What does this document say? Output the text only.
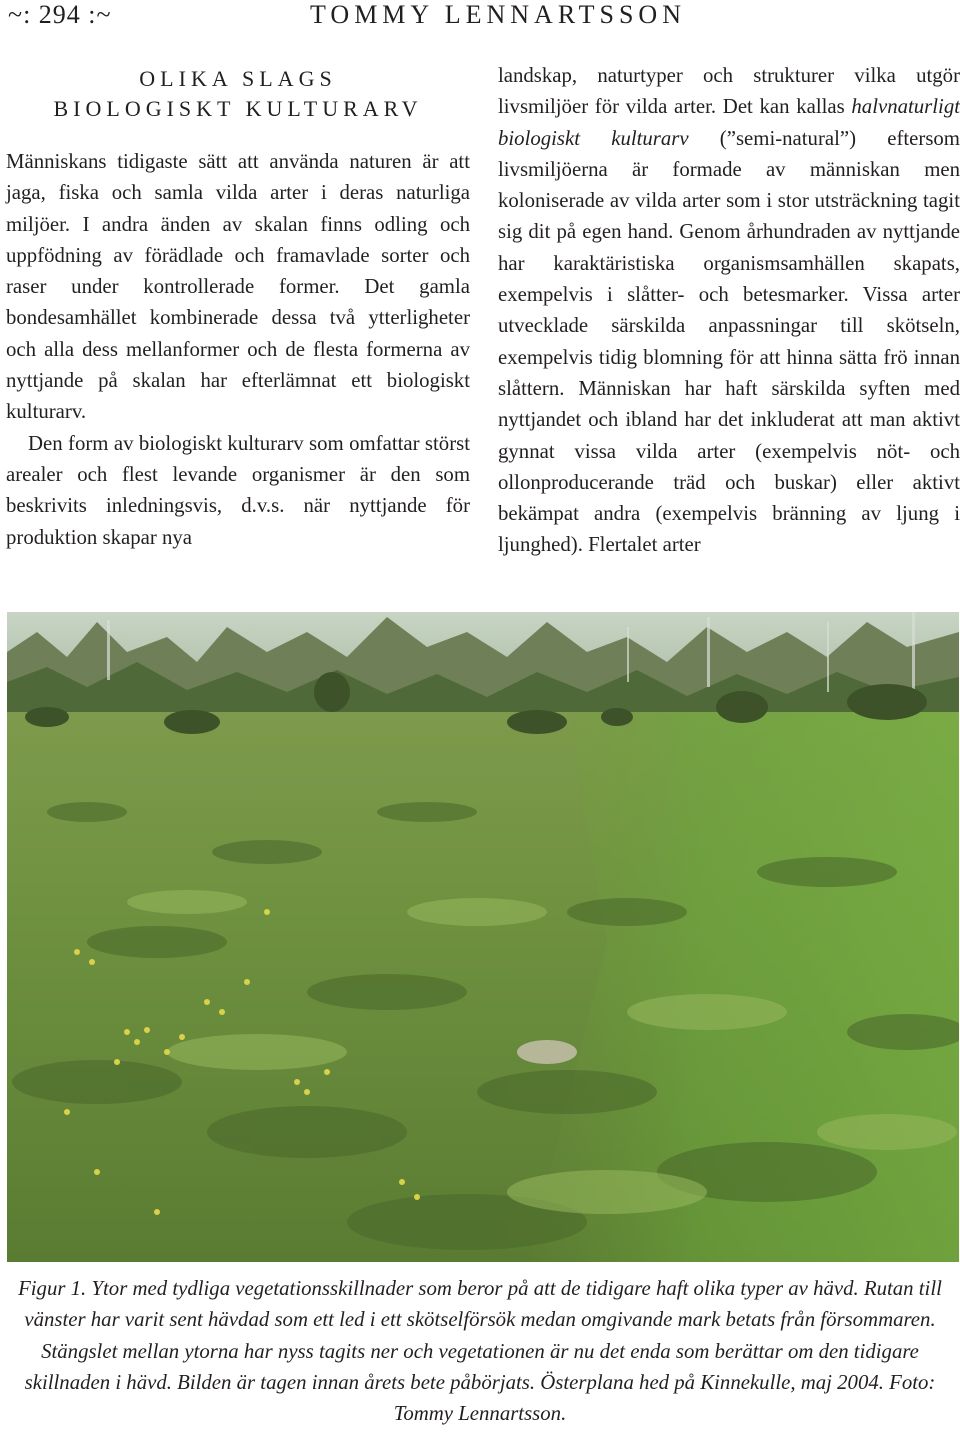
~: 294 :~	TOMMY LENNARTSSON
OLIKA SLAGS
BIOLOGISKT KULTURARV

Människans tidigaste sätt att använda naturen är att jaga, fiska och samla vilda arter i deras naturliga miljöer. I andra änden av skalan finns odling och uppfödning av förädlade och framavlade sorter och raser under kontrollerade former. Det gamla bondesamhället kombinerade dessa två ytterligheter och alla dess mellanformer och de flesta formerna av nyttjande på skalan har efterlämnat ett biologiskt kulturarv.

Den form av biologiskt kulturarv som omfattar störst arealer och flest levande organismer är den som beskrivits inledningsvis, d.v.s. när nyttjande för produktion skapar nya

landskap, naturtyper och strukturer vilka utgör livsmiljöer för vilda arter. Det kan kallas halvnaturligt biologiskt kulturarv (”semi-natural”) eftersom livsmiljöerna är formade av människan men koloniserade av vilda arter som i stor utsträckning tagit sig dit på egen hand. Genom århundraden av nyttjande har karaktäristiska organismsamhällen skapats, exempelvis i slåtter- och betesmarker. Vissa arter utvecklade särskilda anpassningar till skötseln, exempelvis tidig blomning för att hinna sätta frö innan slåttern. Människan har haft särskilda syften med nyttjandet och ibland har det inkluderat att man aktivt gynnat vissa vilda arter (exempelvis nöt- och ollonproducerande träd och buskar) eller aktivt bekämpat andra (exempelvis bränning av ljung i ljunghed). Flertalet arter

Figur 1. Ytor med tydliga vegetationsskillnader som beror på att de tidigare haft olika typer av hävd. Rutan till vänster har varit sent hävdad som ett led i ett skötselförsök medan omgivande mark betats från försommaren. Stängslet mellan ytorna har nyss tagits ner och vegetationen är nu det enda som berättar om den tidigare skillnaden i hävd. Bilden är tagen innan årets bete påbörjats. Österplana hed på Kinnekulle, maj 2004. Foto: Tommy Lennartsson.
